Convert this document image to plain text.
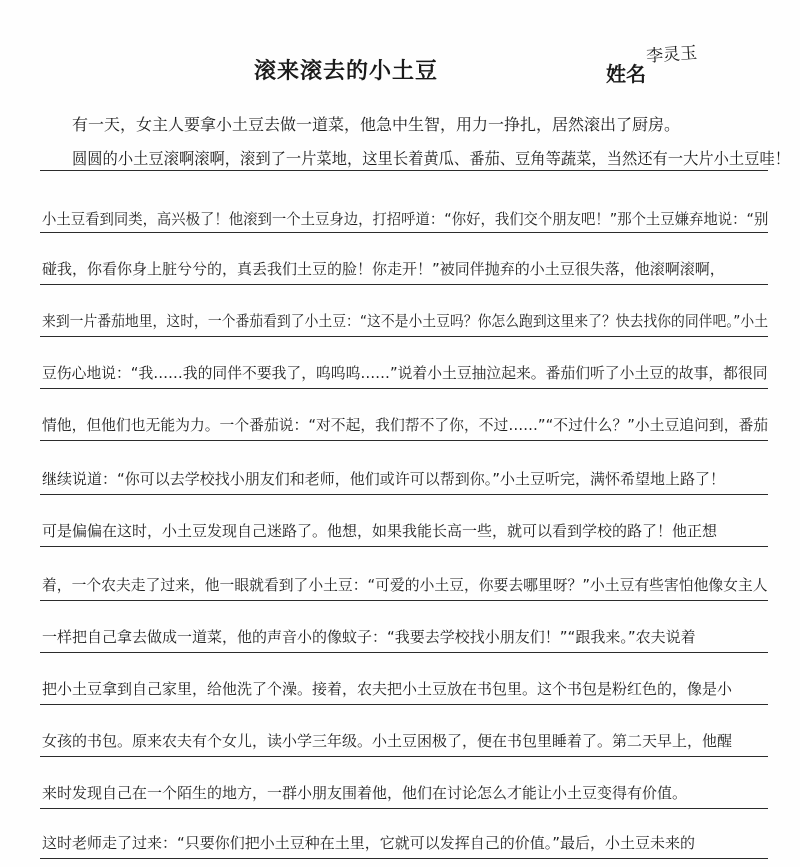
滚来滚去的小土豆	姓名
李灵玉
有一天，女主人要拿小土豆去做一道菜，他急中生智，用力一挣扎，居然滚出了厨房。
圆圆的小土豆滚啊滚啊，滚到了一片菜地，这里长着黄瓜、番茄、豆角等蔬菜，当然还有一大片小土豆哇！
小土豆看到同类，高兴极了！他滚到一个土豆身边，打招呼道：“你好，我们交个朋友吧！”那个土豆嫌弃地说：“别
碰我，你看你身上脏兮兮的，真丢我们土豆的脸！你走开！”被同伴抛弃的小土豆很失落，他滚啊滚啊，
来到一片番茄地里，这时，一个番茄看到了小土豆：“这不是小土豆吗？你怎么跑到这里来了？快去找你的同伴吧。”小土
豆伤心地说：“我……我的同伴不要我了，呜呜呜……”说着小土豆抽泣起来。番茄们听了小土豆的故事，都很同
情他，但他们也无能为力。一个番茄说：“对不起，我们帮不了你，不过……”“不过什么？”小土豆追问到，番茄
继续说道：“你可以去学校找小朋友们和老师，他们或许可以帮到你。”小土豆听完，满怀希望地上路了！
可是偏偏在这时，小土豆发现自己迷路了。他想，如果我能长高一些，就可以看到学校的路了！他正想
着，一个农夫走了过来，他一眼就看到了小土豆：“可爱的小土豆，你要去哪里呀？”小土豆有些害怕他像女主人
一样把自己拿去做成一道菜，他的声音小的像蚊子：“我要去学校找小朋友们！”“跟我来。”农夫说着
把小土豆拿到自己家里，给他洗了个澡。接着，农夫把小土豆放在书包里。这个书包是粉红色的，像是小
女孩的书包。原来农夫有个女儿，读小学三年级。小土豆困极了，便在书包里睡着了。第二天早上，他醒
来时发现自己在一个陌生的地方，一群小朋友围着他，他们在讨论怎么才能让小土豆变得有价值。
这时老师走了过来：“只要你们把小土豆种在土里，它就可以发挥自己的价值。”最后，小土豆未来的
